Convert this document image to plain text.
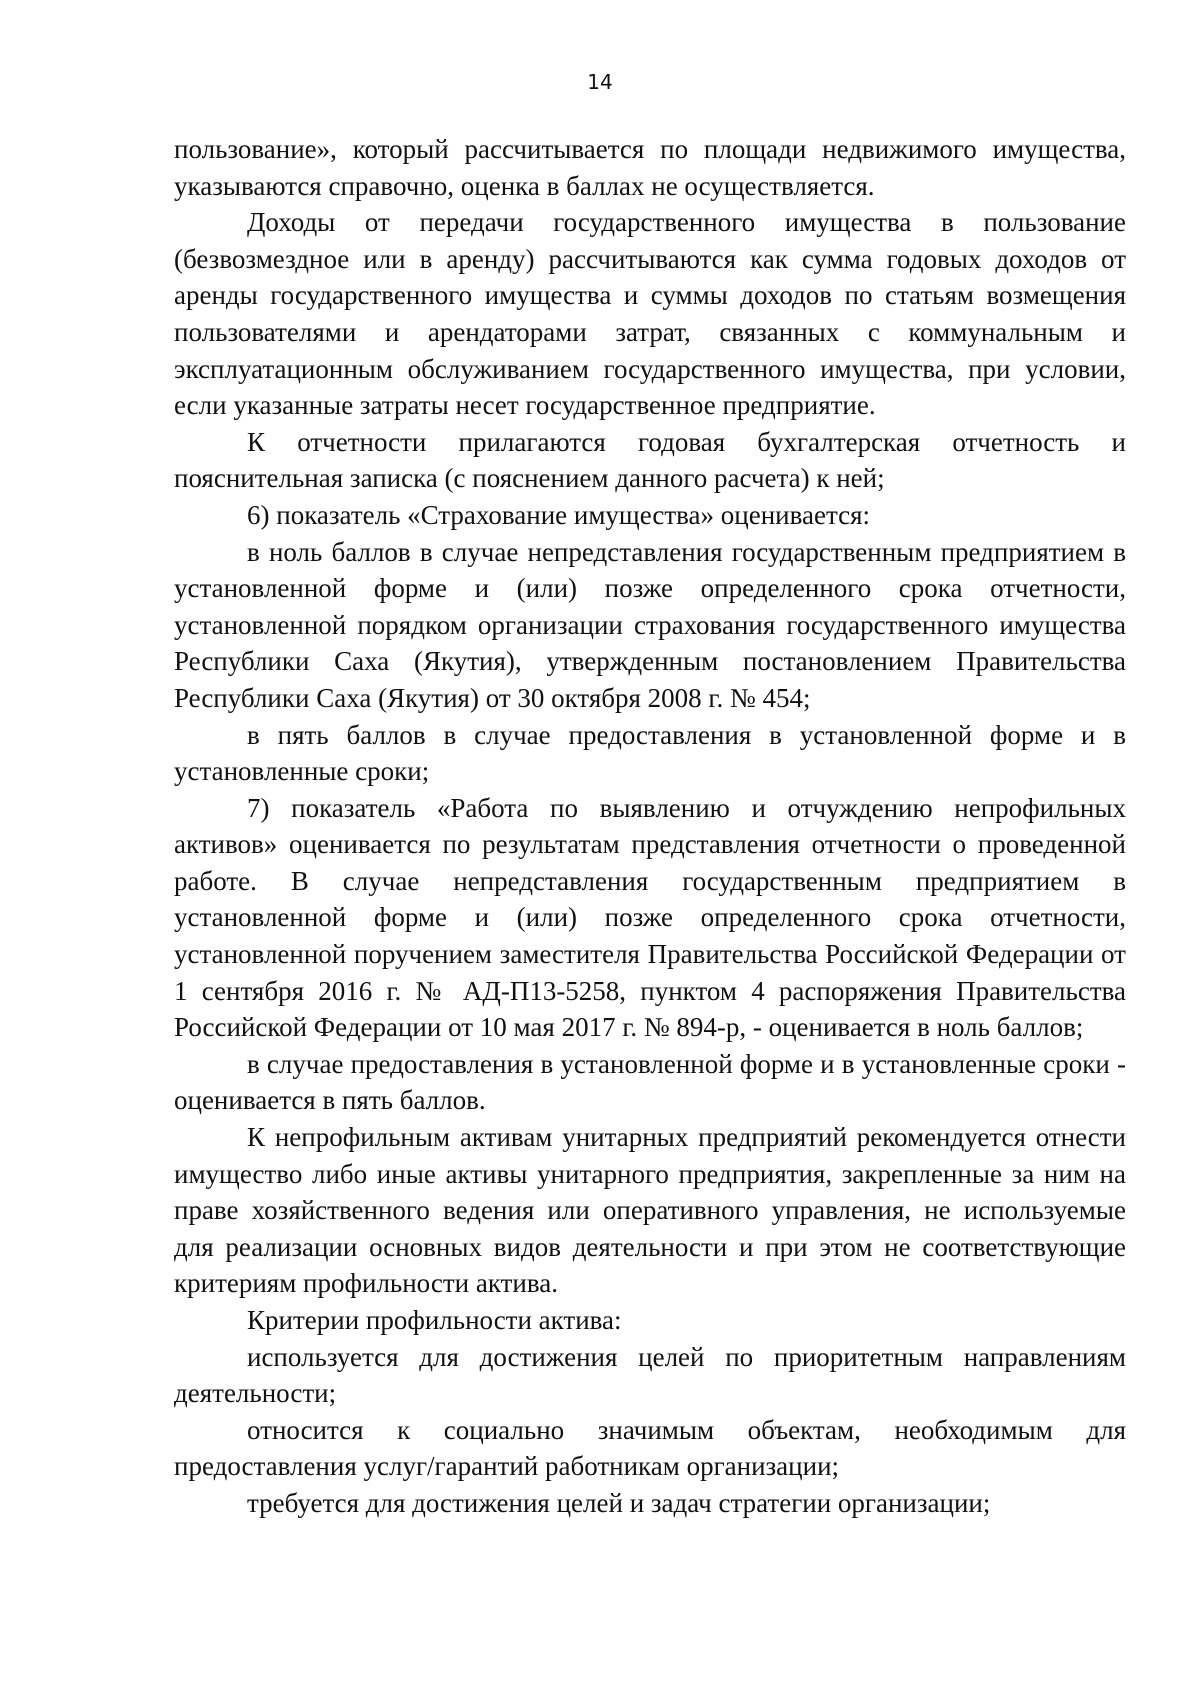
14

пользование», который рассчитывается по площади недвижимого имущества, указываются справочно, оценка в баллах не осуществляется.

Доходы от передачи государственного имущества в пользование (безвозмездное или в аренду) рассчитываются как сумма годовых доходов от аренды государственного имущества и суммы доходов по статьям возмещения пользователями и арендаторами затрат, связанных с коммунальным и эксплуатационным обслуживанием государственного имущества, при условии, если указанные затраты несет государственное предприятие.

К отчетности прилагаются годовая бухгалтерская отчетность и пояснительная записка (с пояснением данного расчета) к ней;

6) показатель «Страхование имущества» оценивается:

в ноль баллов в случае непредставления государственным предприятием в установленной форме и (или) позже определенного срока отчетности, установленной порядком организации страхования государственного имущества Республики Саха (Якутия), утвержденным постановлением Правительства Республики Саха (Якутия) от 30 октября 2008 г. № 454;

в пять баллов в случае предоставления в установленной форме и в установленные сроки;

7) показатель «Работа по выявлению и отчуждению непрофильных активов» оценивается по результатам представления отчетности о проведенной работе. В случае непредставления государственным предприятием в установленной форме и (или) позже определенного срока отчетности, установленной поручением заместителя Правительства Российской Федерации от 1 сентября 2016 г. № АД-П13-5258, пунктом 4 распоряжения Правительства Российской Федерации от 10 мая 2017 г. № 894-р, - оценивается в ноль баллов;

в случае предоставления в установленной форме и в установленные сроки - оценивается в пять баллов.

К непрофильным активам унитарных предприятий рекомендуется отнести имущество либо иные активы унитарного предприятия, закрепленные за ним на праве хозяйственного ведения или оперативного управления, не используемые для реализации основных видов деятельности и при этом не соответствующие критериям профильности актива.

Критерии профильности актива:

используется для достижения целей по приоритетным направлениям деятельности;

относится к социально значимым объектам, необходимым для предоставления услуг/гарантий работникам организации;

требуется для достижения целей и задач стратегии организации;
